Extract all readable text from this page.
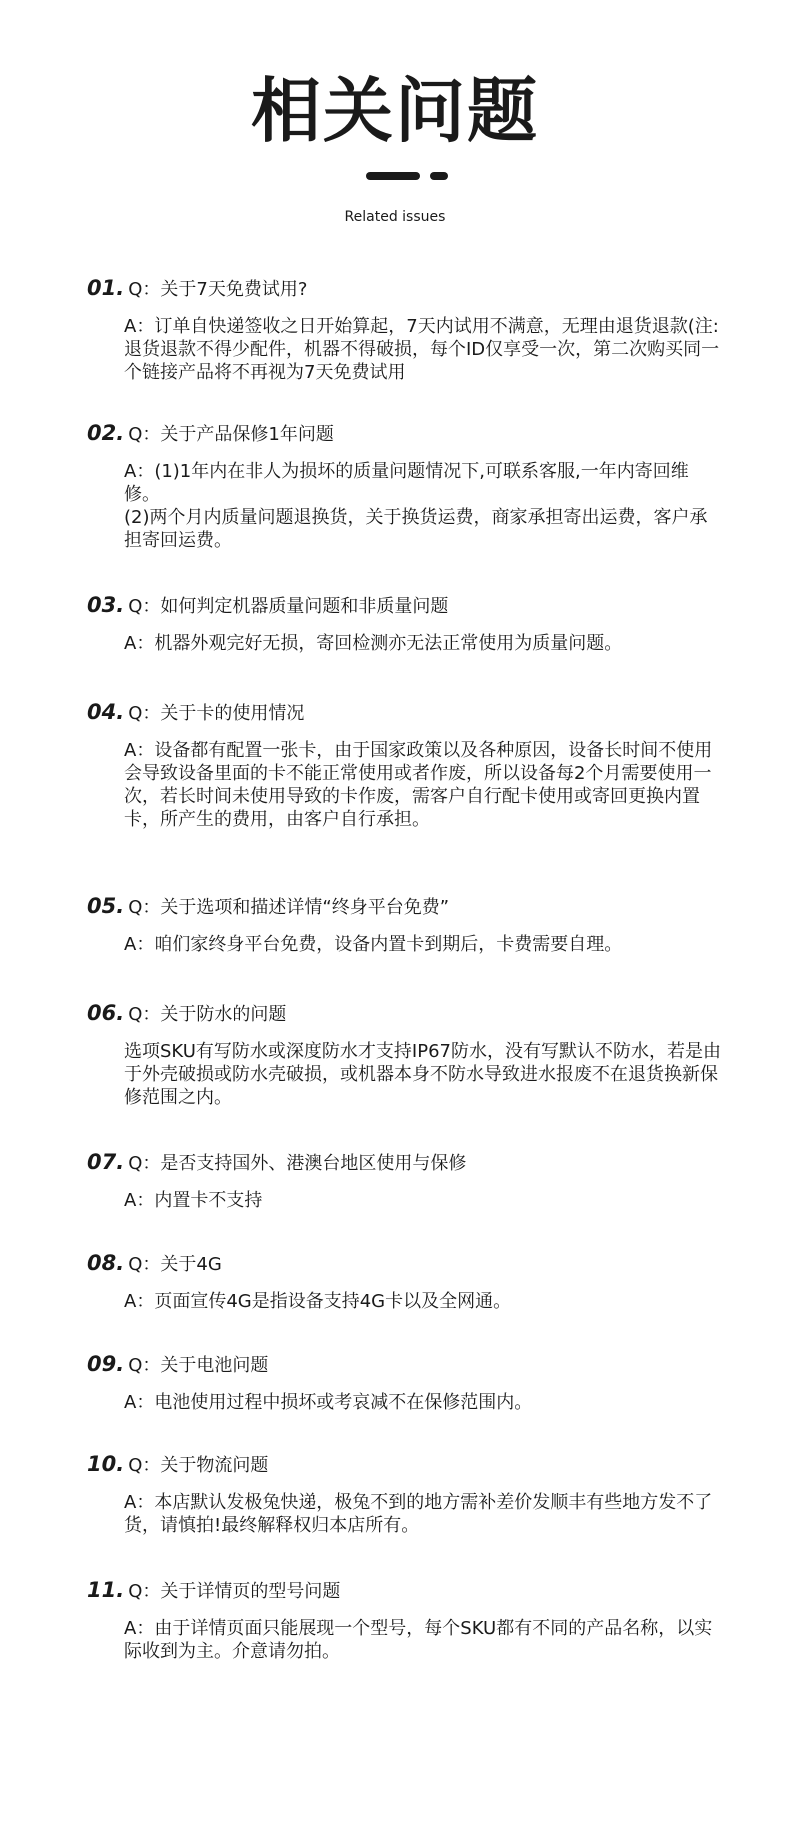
相关问题
Related issues
01. Q：关于7天免费试用?
A：订单自快递签收之日开始算起，7天内试用不满意，无理由退货退款(注:退货退款不得少配件，机器不得破损，每个ID仅享受一次，第二次购买同一个链接产品将不再视为7天免费试用
02. Q：关于产品保修1年问题
A：(1)1年内在非人为损坏的质量问题情况下,可联系客服,一年内寄回维修。
(2)两个月内质量问题退换货，关于换货运费，商家承担寄出运费，客户承担寄回运费。
03. Q：如何判定机器质量问题和非质量问题
A：机器外观完好无损，寄回检测亦无法正常使用为质量问题。
04. Q：关于卡的使用情况
A：设备都有配置一张卡，由于国家政策以及各种原因，设备长时间不使用会导致设备里面的卡不能正常使用或者作废，所以设备每2个月需要使用一次，若长时间未使用导致的卡作废，需客户自行配卡使用或寄回更换内置卡，所产生的费用，由客户自行承担。
05. Q：关于选项和描述详情“终身平台免费”
A：咱们家终身平台免费，设备内置卡到期后，卡费需要自理。
06. Q：关于防水的问题
选项SKU有写防水或深度防水才支持IP67防水，没有写默认不防水，若是由于外壳破损或防水壳破损，或机器本身不防水导致进水报废不在退货换新保修范围之内。
07. Q：是否支持国外、港澳台地区使用与保修
A：内置卡不支持
08. Q：关于4G
A：页面宣传4G是指设备支持4G卡以及全网通。
09. Q：关于电池问题
A：电池使用过程中损坏或考哀减不在保修范围内。
10. Q：关于物流问题
A：本店默认发极兔快递，极兔不到的地方需补差价发顺丰有些地方发不了货，请慎拍!最终解释权归本店所有。
11. Q：关于详情页的型号问题
A：由于详情页面只能展现一个型号，每个SKU都有不同的产品名称，以实际收到为主。介意请勿拍。
